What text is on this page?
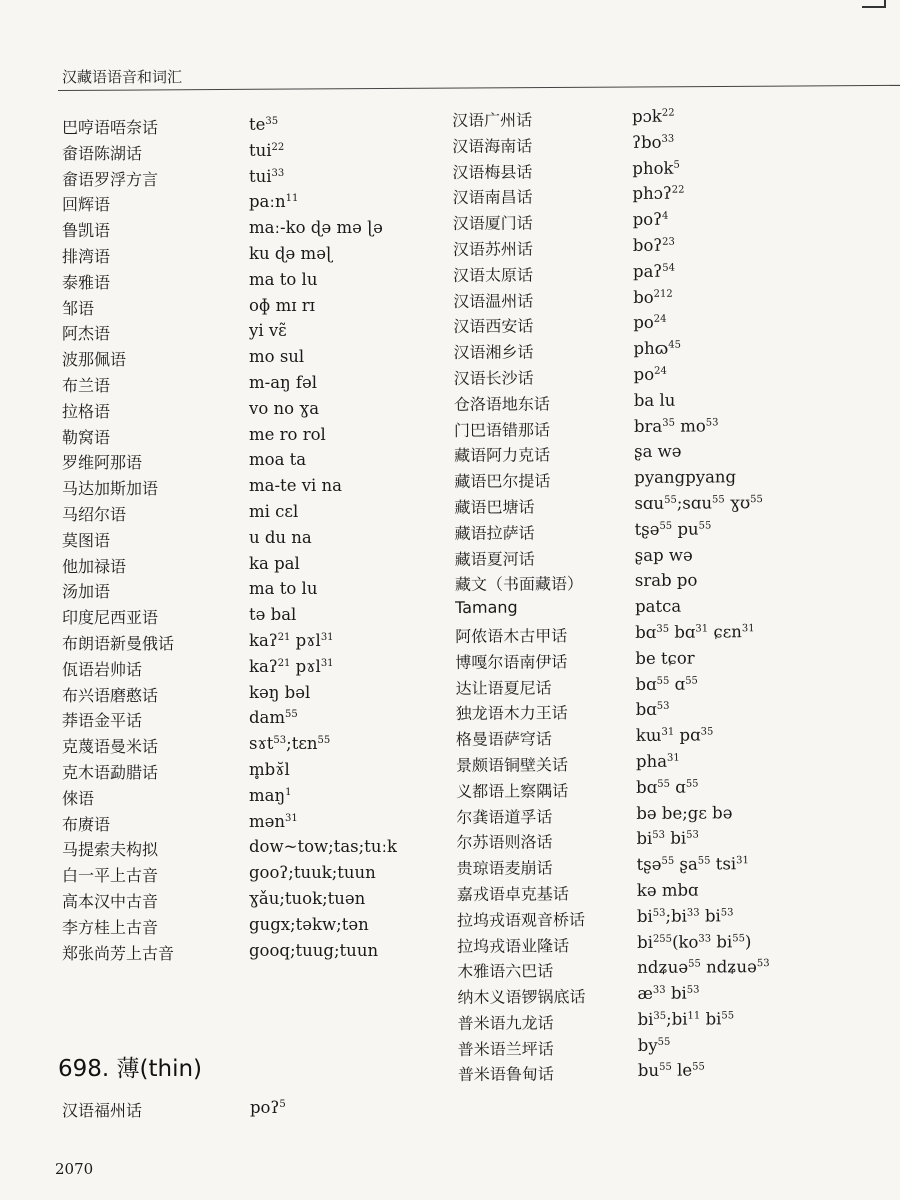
汉藏语语音和词汇
巴哼语唔奈话	$te^{35}$
畲语陈湖话	tui$^{22}$
畲语罗浮方言	tui$^{33}$
回辉语	paːn$^{11}$
鲁凯语	maː-ko ɖə mə ɭə
排湾语	ku ɖə məɭ
泰雅语	ma to lu
邹语	oɸ mɪ rɪ
阿杰语	yi vɛ̃
波那佩语	mo sul
布兰语	m-aŋ fəl
拉格语	vo no ɣa
勒窝语	me ro rol
罗维阿那语	moa ta
马达加斯加语	ma-te vi na
马绍尔语	mi cɛl
莫图语	u du na
他加禄语	ka pal
汤加语	ma to lu
印度尼西亚语	tə bal
布朗语新曼俄话	kaʔ$^{21}$ pɤl$^{31}$
佤语岩帅话	kaʔ$^{21}$ pɤl$^{31}$
布兴语磨憨话	kəŋ bəl
莽语金平话	dam$^{55}$
克蔑语曼米话	sɤt$^{53}$;tɛn$^{55}$
克木语勐腊话	m̥bɤ̆l
倈语	maŋ$^1$
布赓语	mən$^{31}$
马提索夫构拟	dow~tow;tas;tuːk
白一平上古音	gooʔ;tuuk;tuun
高本汉中古音	ɣǎu;tuok;tuən
李方桂上古音	gugx;təkw;tən
郑张尚芳上古音	gooq;tuug;tuun
汉语广州话	pɔk$^{22}$
汉语海南话	ʔbo$^{33}$
汉语梅县话	phok$^5$
汉语南昌话	phɔʔ$^{22}$
汉语厦门话	poʔ$^4$
汉语苏州话	boʔ$^{23}$
汉语太原话	paʔ$^{54}$
汉语温州话	$bo^{212}$
汉语西安话	$po^{24}$
汉语湘乡话	phɷ$^{45}$
汉语长沙话	$po^{24}$
仓洛语地东话	ba lu
门巴语错那话	bra$^{35}$ $mo^{53}$
藏语阿力克话	ʂa wə
藏语巴尔提话	pyangpyang
藏语巴塘话	sɑu$^{55}$;sɑu$^{55}$ ɣʊ$^{55}$
藏语拉萨话	tʂə$^{55}$ $pu^{55}$
藏语夏河话	ʂap wə
藏文（书面藏语）	srab po
Tamang	patca
阿侬语木古甲话	bɑ$^{35}$ bɑ$^{31}$ ɕɛn$^{31}$
博嘎尔语南伊话	be tɕor
达让语夏尼话	bɑ$^{55}$ ɑ$^{55}$
独龙语木力王话	bɑ$^{53}$
格曼语萨穹话	kɯ$^{31}$ pɑ$^{35}$
景颇语铜壁关话	pha$^{31}$
义都语上察隅话	bɑ$^{55}$ ɑ$^{55}$
尔龚语道孚话	bə be;gɛ bə
尔苏语则洛话	$bi^{53}$ $bi^{53}$
贵琼语麦崩话	tʂə$^{55}$ ʂa$^{55}$ tsi$^{31}$
嘉戎语卓克基话	kə mbɑ
拉坞戎语观音桥话	$bi^{53};bi^{33}$ $bi^{53}$
拉坞戎语业隆话	$bi^{255}(ko^{33}$ $bi^{55}$)
木雅语六巴话	ndʑuə$^{55}$ ndʑuə$^{53}$
纳木义语锣锅底话	$æ^{33}$ $bi^{53}$
普米语九龙话	$bi^{35};bi^{11}$ $bi^{55}$
普米语兰坪话	$by^{55}$
普米语鲁甸话	$bu^{55}$ $le^{55}$
698. 薄(thin)
汉语福州话	poʔ$^5$
2070
